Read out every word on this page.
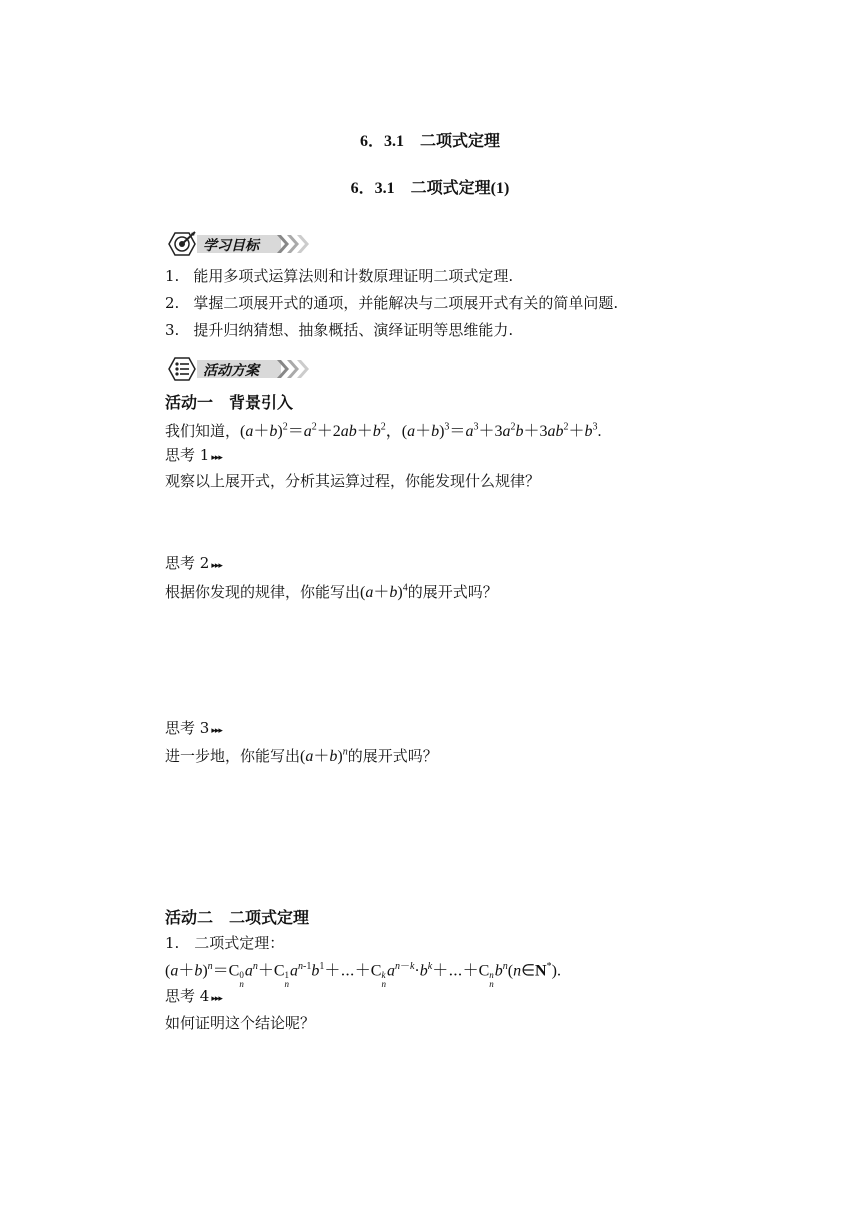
6．3.1　二项式定理
6．3.1　二项式定理(1)
学习目标
1. 能用多项式运算法则和计数原理证明二项式定理.
2. 掌握二项展开式的通项，并能解决与二项展开式有关的简单问题.
3. 提升归纳猜想、抽象概括、演绎证明等思维能力.
活动方案
活动一　背景引入
我们知道，$(a+b)^2=a^2+2ab+b^2$，$(a+b)^3=a^3+3a^2b+3ab^2+b^3$.
思考 1 ▸▸▸
观察以上展开式，分析其运算过程，你能发现什么规律？
思考 2 ▸▸▸
根据你发现的规律，你能写出$(a+b)^4$的展开式吗？
思考 3 ▸▸▸
进一步地，你能写出$(a+b)^n$的展开式吗？
活动二　二项式定理
1.　二项式定理：
$(a+b)^n=C$ 0
n
$a^n+C$ 1
n
$a^{n-1}b^1+\cdots+C$ k
n
$a^{n-k}\cdot b^k+\cdots+C$ n
n
$b^n(n\in N^*)$.
思考 4 ▸▸▸
如何证明这个结论呢？
